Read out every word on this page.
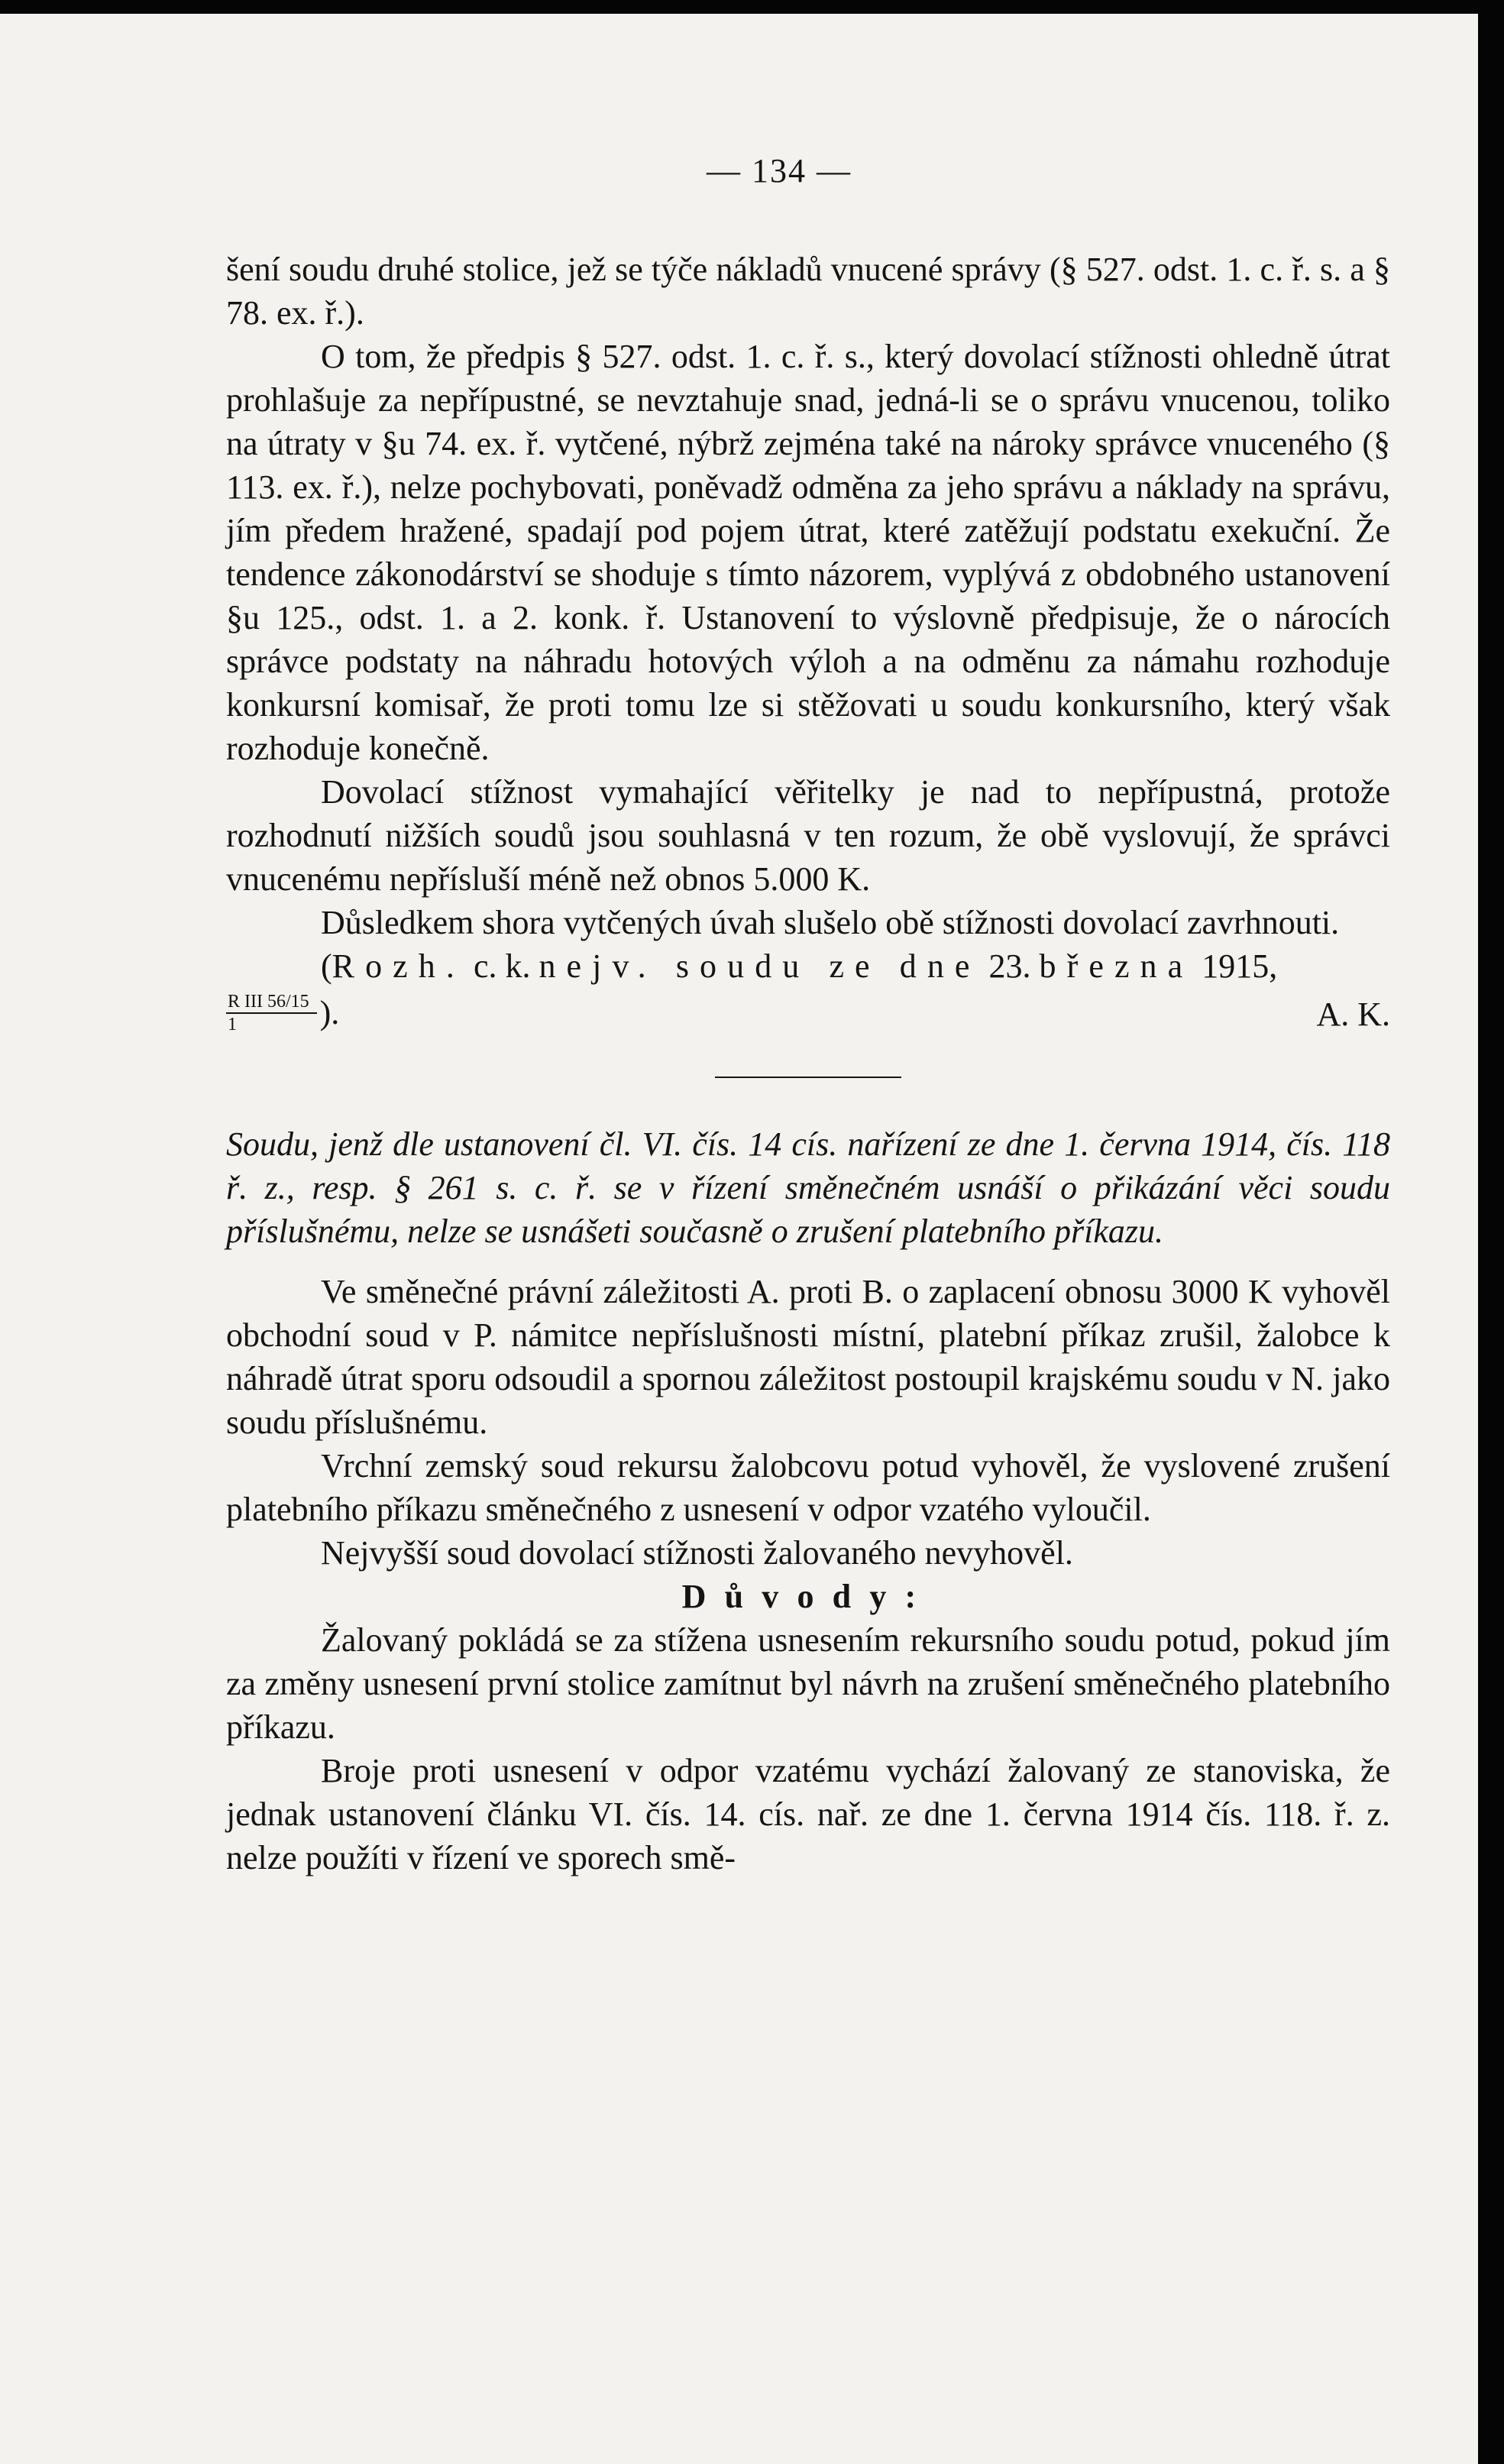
— 134 —

šení soudu druhé stolice, jež se týče nákladů vnucené správy (§ 527. odst. 1. c. ř. s. a § 78. ex. ř.).

O tom, že předpis § 527. odst. 1. c. ř. s., který dovolací stížnosti ohledně útrat prohlašuje za nepřípustné, se nevztahuje snad, jedná-li se o správu vnucenou, toliko na útraty v §u 74. ex. ř. vytčené, nýbrž zejména také na nároky správce vnuceného (§ 113. ex. ř.), nelze pochybovati, poněvadž odměna za jeho správu a náklady na správu, jím předem hražené, spadají pod pojem útrat, které zatěžují podstatu exekuční. Že tendence zákonodárství se shoduje s tímto názorem, vyplývá z obdobného ustanovení §u 125., odst. 1. a 2. konk. ř. Ustanovení to výslovně předpisuje, že o nárocích správce podstaty na náhradu hotových výloh a na odměnu za námahu rozhoduje konkursní komisař, že proti tomu lze si stěžovati u soudu konkursního, který však rozhoduje konečně.

Dovolací stížnost vymahající věřitelky je nad to nepřípustná, protože rozhodnutí nižších soudů jsou souhlasná v ten rozum, že obě vyslovují, že správci vnucenému nepřísluší méně než obnos 5.000 K.

Důsledkem shora vytčených úvah slušelo obě stížnosti dovolací zavrhnouti.

(Rozh. c. k. nejv. soudu ze dne 23. března 1915,

$\frac{\text{R III 56/15}}{1}$ ).	A. K.

Soudu, jenž dle ustanovení čl. VI. čís. 14 cís. nařízení ze dne 1. června 1914, čís. 118 ř. z., resp. § 261 s. c. ř. se v řízení směnečném usnáší o přikázání věci soudu příslušnému, nelze se usnášeti současně o zrušení platebního příkazu.

Ve směnečné právní záležitosti A. proti B. o zaplacení obnosu 3000 K vyhověl obchodní soud v P. námitce nepříslušnosti místní, platební příkaz zrušil, žalobce k náhradě útrat sporu odsoudil a spornou záležitost postoupil krajskému soudu v N. jako soudu příslušnému.

Vrchní zemský soud rekursu žalobcovu potud vyhověl, že vyslovené zrušení platebního příkazu směnečného z usnesení v odpor vzatého vyloučil.

Nejvyšší soud dovolací stížnosti žalovaného nevyhověl.

Důvody:

Žalovaný pokládá se za stížena usnesením rekursního soudu potud, pokud jím za změny usnesení první stolice zamítnut byl návrh na zrušení směnečného platebního příkazu.

Broje proti usnesení v odpor vzatému vychází žalovaný ze stanoviska, že jednak ustanovení článku VI. čís. 14. cís. nař. ze dne 1. června 1914 čís. 118. ř. z. nelze použíti v řízení ve sporech smě-
